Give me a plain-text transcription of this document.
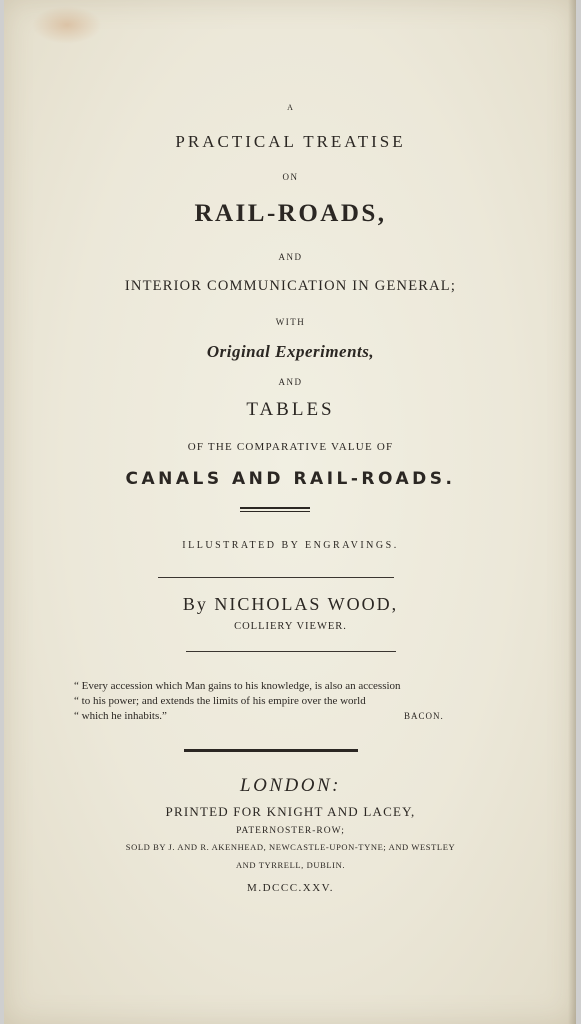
A
PRACTICAL TREATISE
ON
RAIL-ROADS,
AND
INTERIOR COMMUNICATION IN GENERAL;
WITH
Original Experiments,
AND
TABLES
OF THE COMPARATIVE VALUE OF
CANALS AND RAIL-ROADS.
ILLUSTRATED BY ENGRAVINGS.
By NICHOLAS WOOD,
COLLIERY VIEWER.
“ Every accession which Man gains to his knowledge, is also an accession
“ to his power; and extends the limits of his empire over the world
“ which he inhabits.”	BACON.
LONDON:
PRINTED FOR KNIGHT AND LACEY,
PATERNOSTER-ROW;
SOLD BY J. AND R. AKENHEAD, NEWCASTLE-UPON-TYNE; AND WESTLEY
AND TYRRELL, DUBLIN.
M.DCCC.XXV.
